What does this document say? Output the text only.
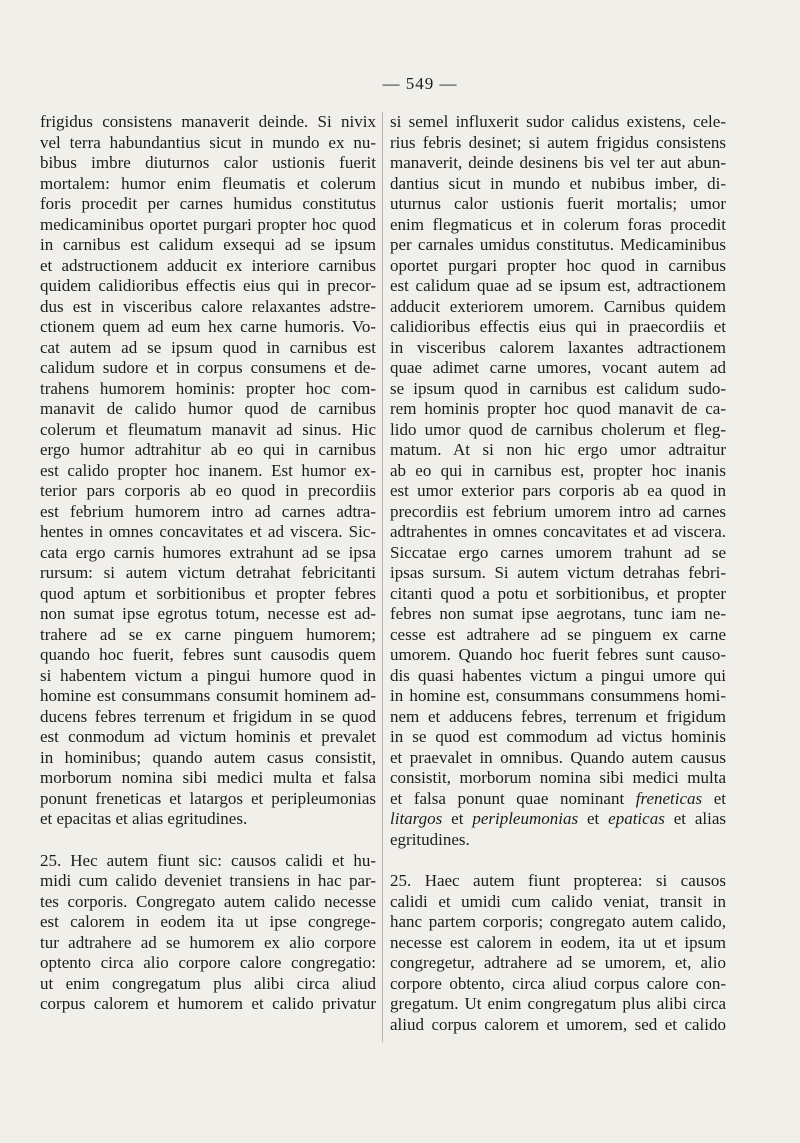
— 549 —
frigidus consistens manaverit deinde. Si nivix
vel terra habundantius sicut in mundo ex nu-
bibus imbre diuturnos calor ustionis fuerit
mortalem: humor enim fleumatis et colerum
foris procedit per carnes humidus constitutus
medicaminibus oportet purgari propter hoc quod
in carnibus est calidum exsequi ad se ipsum
et adstructionem adducit ex interiore carnibus
quidem calidioribus effectis eius qui in precor-
dus est in visceribus calore relaxantes adstre-
ctionem quem ad eum hex carne humoris. Vo-
cat autem ad se ipsum quod in carnibus est
calidum sudore et in corpus consumens et de-
trahens humorem hominis: propter hoc com-
manavit de calido humor quod de carnibus
colerum et fleumatum manavit ad sinus. Hic
ergo humor adtrahitur ab eo qui in carnibus
est calido propter hoc inanem. Est humor ex-
terior pars corporis ab eo quod in precordiis
est febrium humorem intro ad carnes adtra-
hentes in omnes concavitates et ad viscera. Sic-
cata ergo carnis humores extrahunt ad se ipsa
rursum: si autem victum detrahat febricitanti
quod aptum et sorbitionibus et propter febres
non sumat ipse egrotus totum, necesse est ad-
trahere ad se ex carne pinguem humorem;
quando hoc fuerit, febres sunt causodis quem
si habentem victum a pingui humore quod in
homine est consummans consumit hominem ad-
ducens febres terrenum et frigidum in se quod
est conmodum ad victum hominis et prevalet
in hominibus; quando autem casus consistit,
morborum nomina sibi medici multa et falsa
ponunt freneticas et latargos et peripleumonias
et epacitas et alias egritudines.
25. Hec autem fiunt sic: causos calidi et hu-
midi cum calido deveniet transiens in hac par-
tes corporis. Congregato autem calido necesse
est calorem in eodem ita ut ipse congrege-
tur adtrahere ad se humorem ex alio corpore
optento circa alio corpore calore congregatio:
ut enim congregatum plus alibi circa aliud
corpus calorem et humorem et calido privatur
si semel influxerit sudor calidus existens, cele-
rius febris desinet; si autem frigidus consistens
manaverit, deinde desinens bis vel ter aut abun-
dantius sicut in mundo et nubibus imber, di-
uturnus calor ustionis fuerit mortalis; umor
enim flegmaticus et in colerum foras procedit
per carnales umidus constitutus. Medicaminibus
oportet purgari propter hoc quod in carnibus
est calidum quae ad se ipsum est, adtractionem
adducit exteriorem umorem. Carnibus quidem
calidioribus effectis eius qui in praecordiis et
in visceribus calorem laxantes adtractionem
quae adimet carne umores, vocant autem ad
se ipsum quod in carnibus est calidum sudo-
rem hominis propter hoc quod manavit de ca-
lido umor quod de carnibus cholerum et fleg-
matum. At si non hic ergo umor adtraitur
ab eo qui in carnibus est, propter hoc inanis
est umor exterior pars corporis ab ea quod in
precordiis est febrium umorem intro ad carnes
adtrahentes in omnes concavitates et ad viscera.
Siccatae ergo carnes umorem trahunt ad se
ipsas sursum. Si autem victum detrahas febri-
citanti quod a potu et sorbitionibus, et propter
febres non sumat ipse aegrotans, tunc iam ne-
cesse est adtrahere ad se pinguem ex carne
umorem. Quando hoc fuerit febres sunt causo-
dis quasi habentes victum a pingui umore qui
in homine est, consummans consummens homi-
nem et adducens febres, terrenum et frigidum
in se quod est commodum ad victus hominis
et praevalet in omnibus. Quando autem causus
consistit, morborum nomina sibi medici multa
et falsa ponunt quae nominant freneticas et
litargos et peripleumonias et epaticas et alias
egritudines.
25. Haec autem fiunt propterea: si causos
calidi et umidi cum calido veniat, transit in
hanc partem corporis; congregato autem calido,
necesse est calorem in eodem, ita ut et ipsum
congregetur, adtrahere ad se umorem, et, alio
corpore obtento, circa aliud corpus calore con-
gregatum. Ut enim congregatum plus alibi circa
aliud corpus calorem et umorem, sed et calido
